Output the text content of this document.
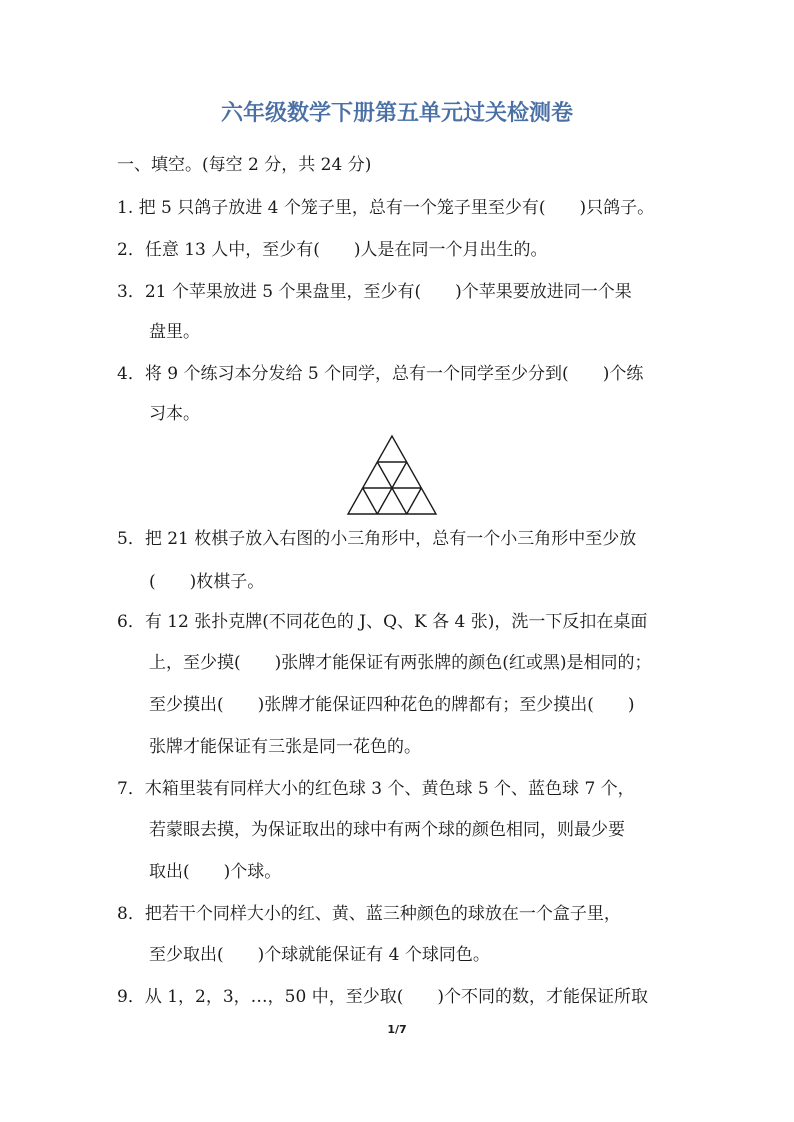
六年级数学下册第五单元过关检测卷
一、填空。(每空 2 分，共 24 分)
1. 把 5 只鸽子放进 4 个笼子里，总有一个笼子里至少有(　　)只鸽子。
2．任意 13 人中，至少有(　　)人是在同一个月出生的。
3．21 个苹果放进 5 个果盘里，至少有(　　)个苹果要放进同一个果
盘里。
4．将 9 个练习本分发给 5 个同学，总有一个同学至少分到(　　)个练
习本。
5．把 21 枚棋子放入右图的小三角形中，总有一个小三角形中至少放
(　　)枚棋子。
6．有 12 张扑克牌(不同花色的 J、Q、K 各 4 张)，洗一下反扣在桌面
上，至少摸(　　)张牌才能保证有两张牌的颜色(红或黑)是相同的；
至少摸出(　　)张牌才能保证四种花色的牌都有；至少摸出(　　)
张牌才能保证有三张是同一花色的。
7．木箱里装有同样大小的红色球 3 个、黄色球 5 个、蓝色球 7 个，
若蒙眼去摸，为保证取出的球中有两个球的颜色相同，则最少要
取出(　　)个球。
8．把若干个同样大小的红、黄、蓝三种颜色的球放在一个盒子里，
至少取出(　　)个球就能保证有 4 个球同色。
9．从 1，2，3，…，50 中，至少取(　　)个不同的数，才能保证所取
1/7
